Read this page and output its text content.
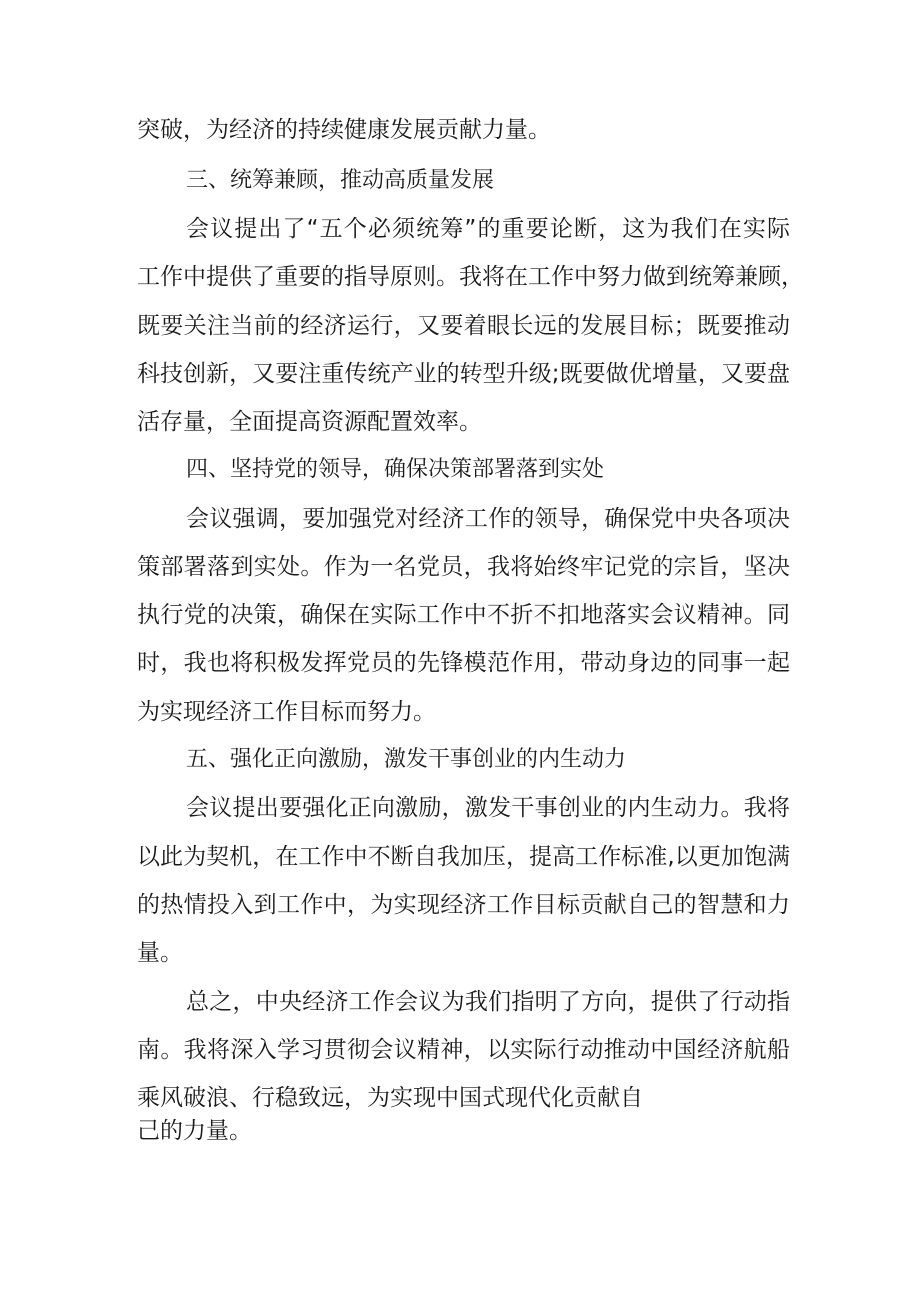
突破，为经济的持续健康发展贡献力量。
三、统筹兼顾，推动高质量发展
会议提出了“五个必须统筹”的重要论断，这为我们在实际
工作中提供了重要的指导原则。我将在工作中努力做到统筹兼顾，
既要关注当前的经济运行，又要着眼长远的发展目标；既要推动
科技创新，又要注重传统产业的转型升级;既要做优增量，又要盘
活存量，全面提高资源配置效率。
四、坚持党的领导，确保决策部署落到实处
会议强调，要加强党对经济工作的领导，确保党中央各项决
策部署落到实处。作为一名党员，我将始终牢记党的宗旨，坚决
执行党的决策，确保在实际工作中不折不扣地落实会议精神。同
时，我也将积极发挥党员的先锋模范作用，带动身边的同事一起
为实现经济工作目标而努力。
五、强化正向激励，激发干事创业的内生动力
会议提出要强化正向激励，激发干事创业的内生动力。我将
以此为契机，在工作中不断自我加压，提高工作标准,以更加饱满
的热情投入到工作中，为实现经济工作目标贡献自己的智慧和力
量。
总之，中央经济工作会议为我们指明了方向，提供了行动指
南。我将深入学习贯彻会议精神，以实际行动推动中国经济航船
乘风破浪、行稳致远，为实现中国式现代化贡献自
己的力量。
